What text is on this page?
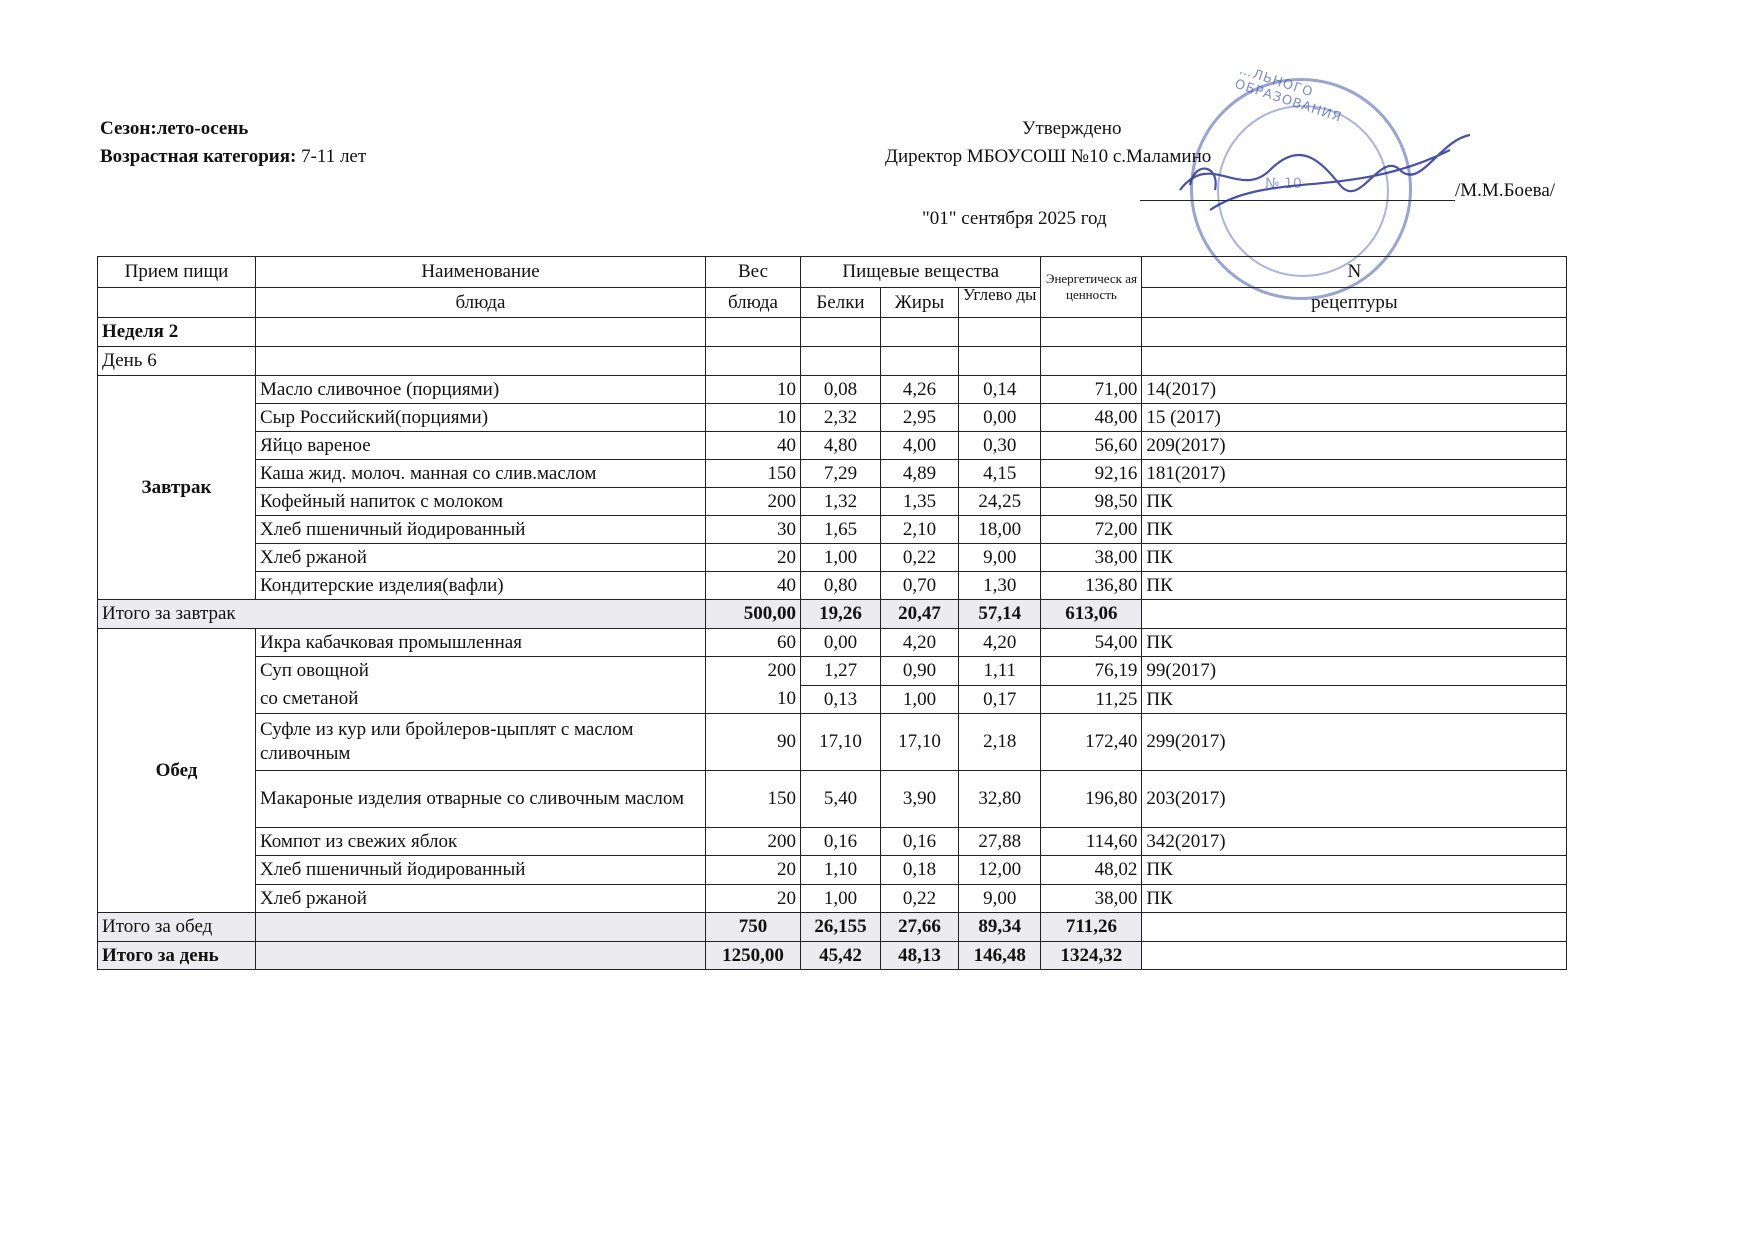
Сезон:лето-осень
Возрастная категория: 7-11 лет
…ЛЬНОГО ОБРАЗОВАНИЯ
№ 10
Утверждено
Директор МБОУСОШ №10 с.Маламино
/М.М.Боева/
"01" сентября 2025 год
Прием пищи	Наименование	Вес	Пищевые вещества			Энергетическ ая ценность	N
	блюда	блюда	Белки	Жиры	Углево ды		рецептуры
Неделя 2							
День 6							
Завтрак	Масло сливочное (порциями)	10	0,08	4,26	0,14	71,00	14(2017)
	Сыр Российский(порциями)	10	2,32	2,95	0,00	48,00	15 (2017)
	Яйцо вареное	40	4,80	4,00	0,30	56,60	209(2017)
	Каша жид. молоч. манная со слив.маслом	150	7,29	4,89	4,15	92,16	181(2017)
	Кофейный напиток с молоком	200	1,32	1,35	24,25	98,50	ПК
	Хлеб пшеничный йодированный	30	1,65	2,10	18,00	72,00	ПК
	Хлеб ржаной	20	1,00	0,22	9,00	38,00	ПК
	Кондитерские изделия(вафли)	40	0,80	0,70	1,30	136,80	ПК
Итого за завтрак		500,00	19,26	20,47	57,14	613,06	
Обед	Икра кабачковая промышленная	60	0,00	4,20	4,20	54,00	ПК
	Суп овощной	200	1,27	0,90	1,11	76,19	99(2017)
	со сметаной	10	0,13	1,00	0,17	11,25	ПК
	Суфле из кур или бройлеров-цыплят с маслом сливочным	90	17,10	17,10	2,18	172,40	299(2017)
	Макароные изделия отварные со сливочным маслом	150	5,40	3,90	32,80	196,80	203(2017)
	Компот из свежих яблок	200	0,16	0,16	27,88	114,60	342(2017)
	Хлеб пшеничный йодированный	20	1,10	0,18	12,00	48,02	ПК
	Хлеб ржаной	20	1,00	0,22	9,00	38,00	ПК
Итого за обед		750	26,155	27,66	89,34	711,26	
Итого за день		1250,00	45,42	48,13	146,48	1324,32	
